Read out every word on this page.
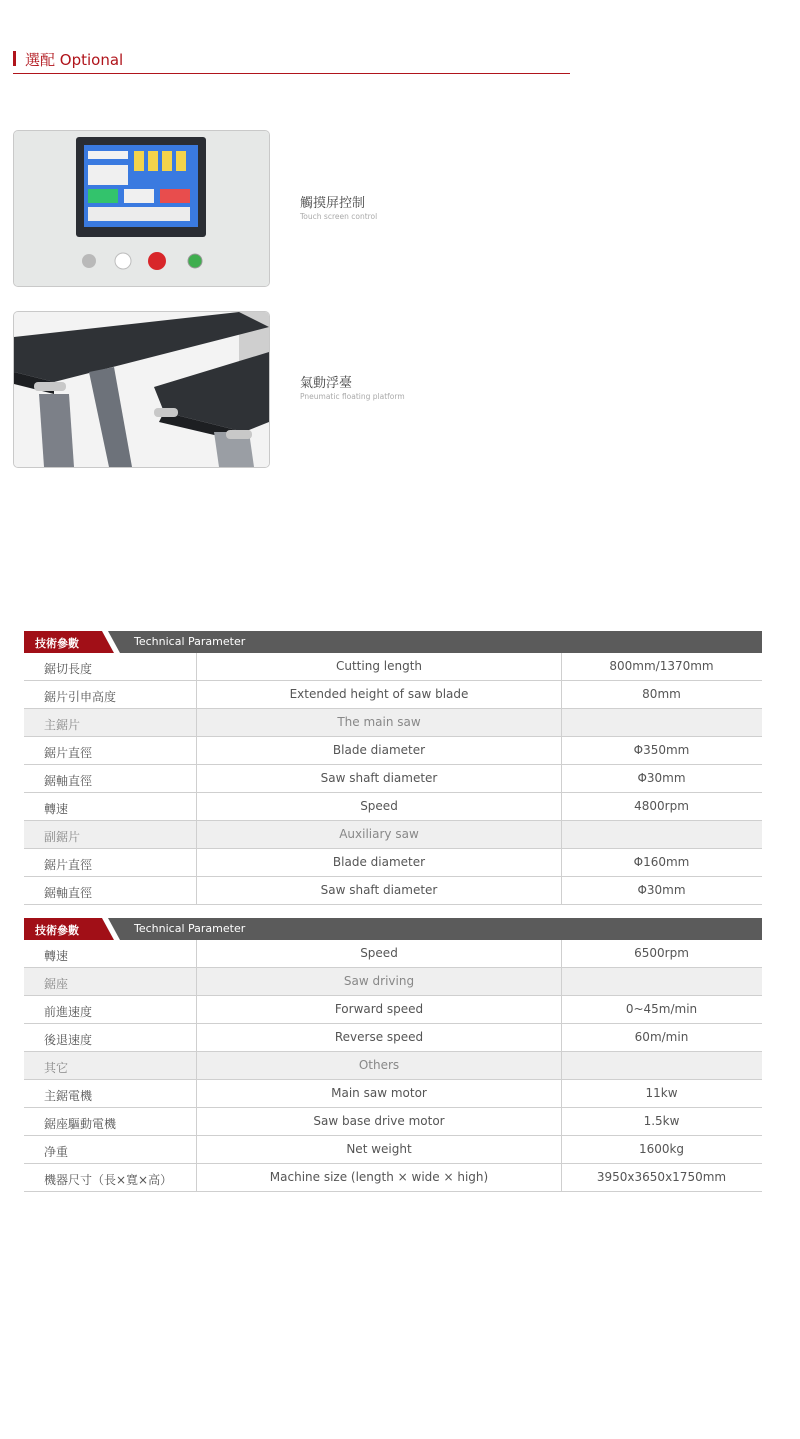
選配 Optional
觸摸屏控制
Touch screen control
氣動浮臺
Pneumatic floating platform
技術參數	Technical Parameter
鋸切長度	Cutting length	800mm/1370mm
鋸片引申高度	Extended height of saw blade	80mm
主鋸片	The main saw
鋸片直徑	Blade diameter	Φ350mm
鋸軸直徑	Saw shaft diameter	Φ30mm
轉速	Speed	4800rpm
副鋸片	Auxiliary saw
鋸片直徑	Blade diameter	Φ160mm
鋸軸直徑	Saw shaft diameter	Φ30mm
技術參數	Technical Parameter
轉速	Speed	6500rpm
鋸座	Saw driving
前進速度	Forward speed	0~45m/min
後退速度	Reverse speed	60m/min
其它	Others
主鋸電機	Main saw motor	11kw
鋸座驅動電機	Saw base drive motor	1.5kw
净重	Net weight	1600kg
機器尺寸（長×寬×高）	Machine size (length × wide × high)	3950x3650x1750mm
